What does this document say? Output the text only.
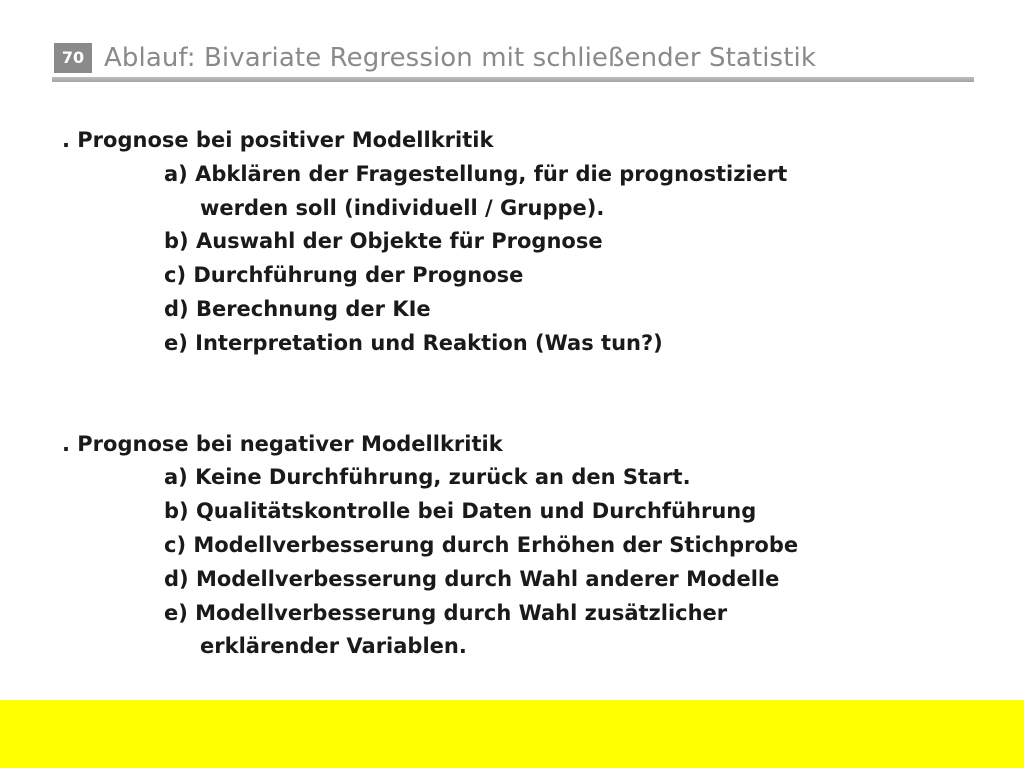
70 Ablauf: Bivariate Regression mit schließender Statistik
. Prognose bei positiver Modellkritik
a) Abklären der Fragestellung, für die prognostiziert
werden soll (individuell / Gruppe).
b) Auswahl der Objekte für Prognose
c) Durchführung der Prognose
d) Berechnung der KIe
e) Interpretation und Reaktion (Was tun?)
. Prognose bei negativer Modellkritik
a) Keine Durchführung, zurück an den Start.
b) Qualitätskontrolle bei Daten und Durchführung
c) Modellverbesserung durch Erhöhen der Stichprobe
d) Modellverbesserung durch Wahl anderer Modelle
e) Modellverbesserung durch Wahl zusätzlicher
erklärender Variablen.
